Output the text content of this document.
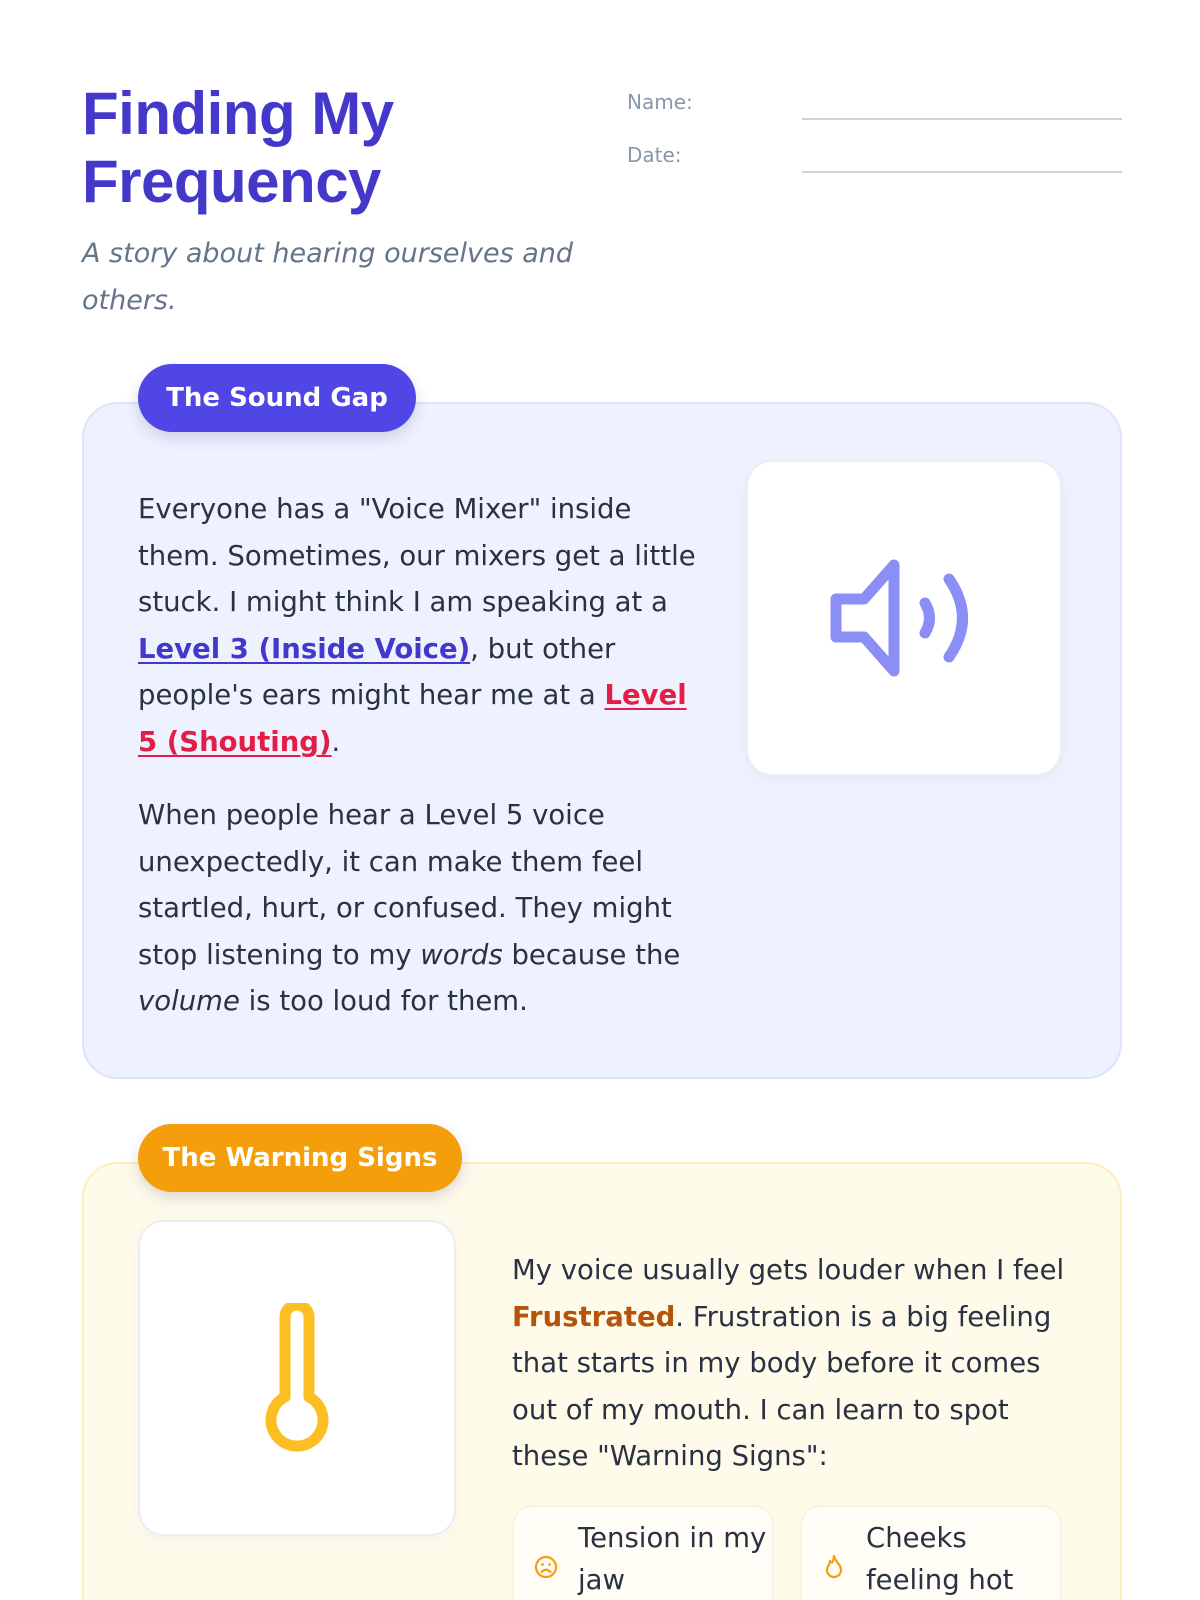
Finding My Frequency

A story about hearing ourselves and others.

Name:
Date:
The Sound Gap

Everyone has a "Voice Mixer" inside them. Sometimes, our mixers get a little stuck. I might think I am speaking at a Level 3 (Inside Voice), but other people's ears might hear me at a Level 5 (Shouting).

When people hear a Level 5 voice unexpectedly, it can make them feel startled, hurt, or confused. They might stop listening to my words because the volume is too loud for them.

The Warning Signs

My voice usually gets louder when I feel Frustrated. Frustration is a big feeling that starts in my body before it comes out of my mouth. I can learn to spot these "Warning Signs":

Tension in my jaw
Cheeks feeling hot
